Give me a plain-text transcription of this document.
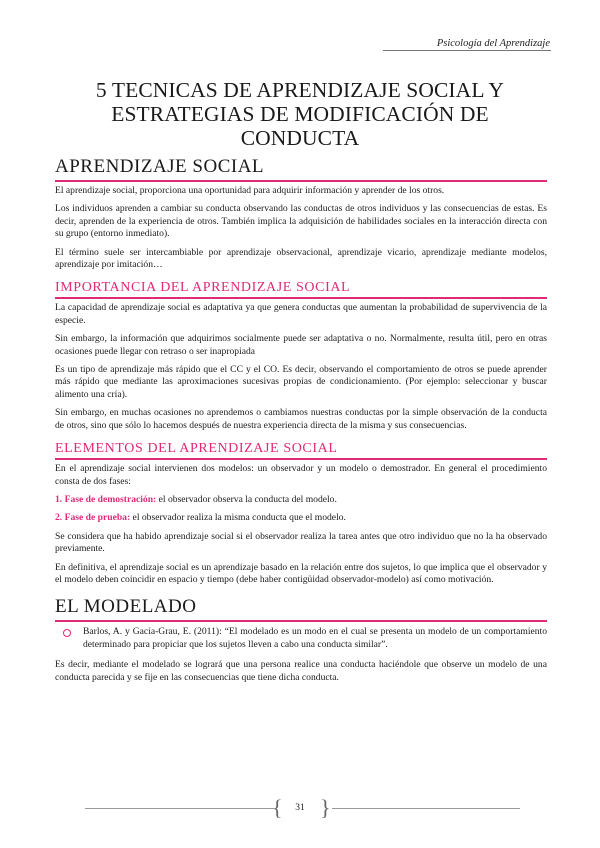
Psicología del Aprendizaje
5 TECNICAS DE APRENDIZAJE SOCIAL Y ESTRATEGIAS DE MODIFICACIÓN DE CONDUCTA
APRENDIZAJE SOCIAL

El aprendizaje social, proporciona una oportunidad para adquirir información y aprender de los otros.

Los individuos aprenden a cambiar su conducta observando las conductas de otros individuos y las consecuencias de estas. Es decir, aprenden de la experiencia de otros. También implica la adquisición de habilidades sociales en la interacción directa con su grupo (entorno inmediato).

El término suele ser intercambiable por aprendizaje observacional, aprendizaje vicario, aprendizaje mediante modelos, aprendizaje por imitación…

IMPORTANCIA DEL APRENDIZAJE SOCIAL

La capacidad de aprendizaje social es adaptativa ya que genera conductas que aumentan la probabilidad de supervivencia de la especie.

Sin embargo, la información que adquirimos socialmente puede ser adaptativa o no. Normalmente, resulta útil, pero en otras ocasiones puede llegar con retraso o ser inapropiada

Es un tipo de aprendizaje más rápido que el CC y el CO. Es decir, observando el comportamiento de otros se puede aprender más rápido que mediante las aproximaciones sucesivas propias de condicionamiento. (Por ejemplo: seleccionar y buscar alimento una cría).

Sin embargo, en muchas ocasiones no aprendemos o cambiamos nuestras conductas por la simple observación de la conducta de otros, sino que sólo lo hacemos después de nuestra experiencia directa de la misma y sus consecuencias.

ELEMENTOS DEL APRENDIZAJE SOCIAL

En el aprendizaje social intervienen dos modelos: un observador y un modelo o demostrador. En general el procedimiento consta de dos fases:

1. Fase de demostración: el observador observa la conducta del modelo.

2. Fase de prueba: el observador realiza la misma conducta que el modelo.

Se considera que ha habido aprendizaje social si el observador realiza la tarea antes que otro individuo que no la ha observado previamente.

En definitiva, el aprendizaje social es un aprendizaje basado en la relación entre dos sujetos, lo que implica que el observador y el modelo deben coincidir en espacio y tiempo (debe haber contigüidad observador-modelo) así como motivación.

EL MODELADO
Barlos, A. y Gacía-Grau, E. (2011): “El modelado es un modo en el cual se presenta un modelo de un comportamiento determinado para propiciar que los sujetos lleven a cabo una conducta similar”.

Es decir, mediante el modelado se logrará que una persona realice una conducta haciéndole que observe un modelo de una conducta parecida y se fije en las consecuencias que tiene dicha conducta.

{	31 }
